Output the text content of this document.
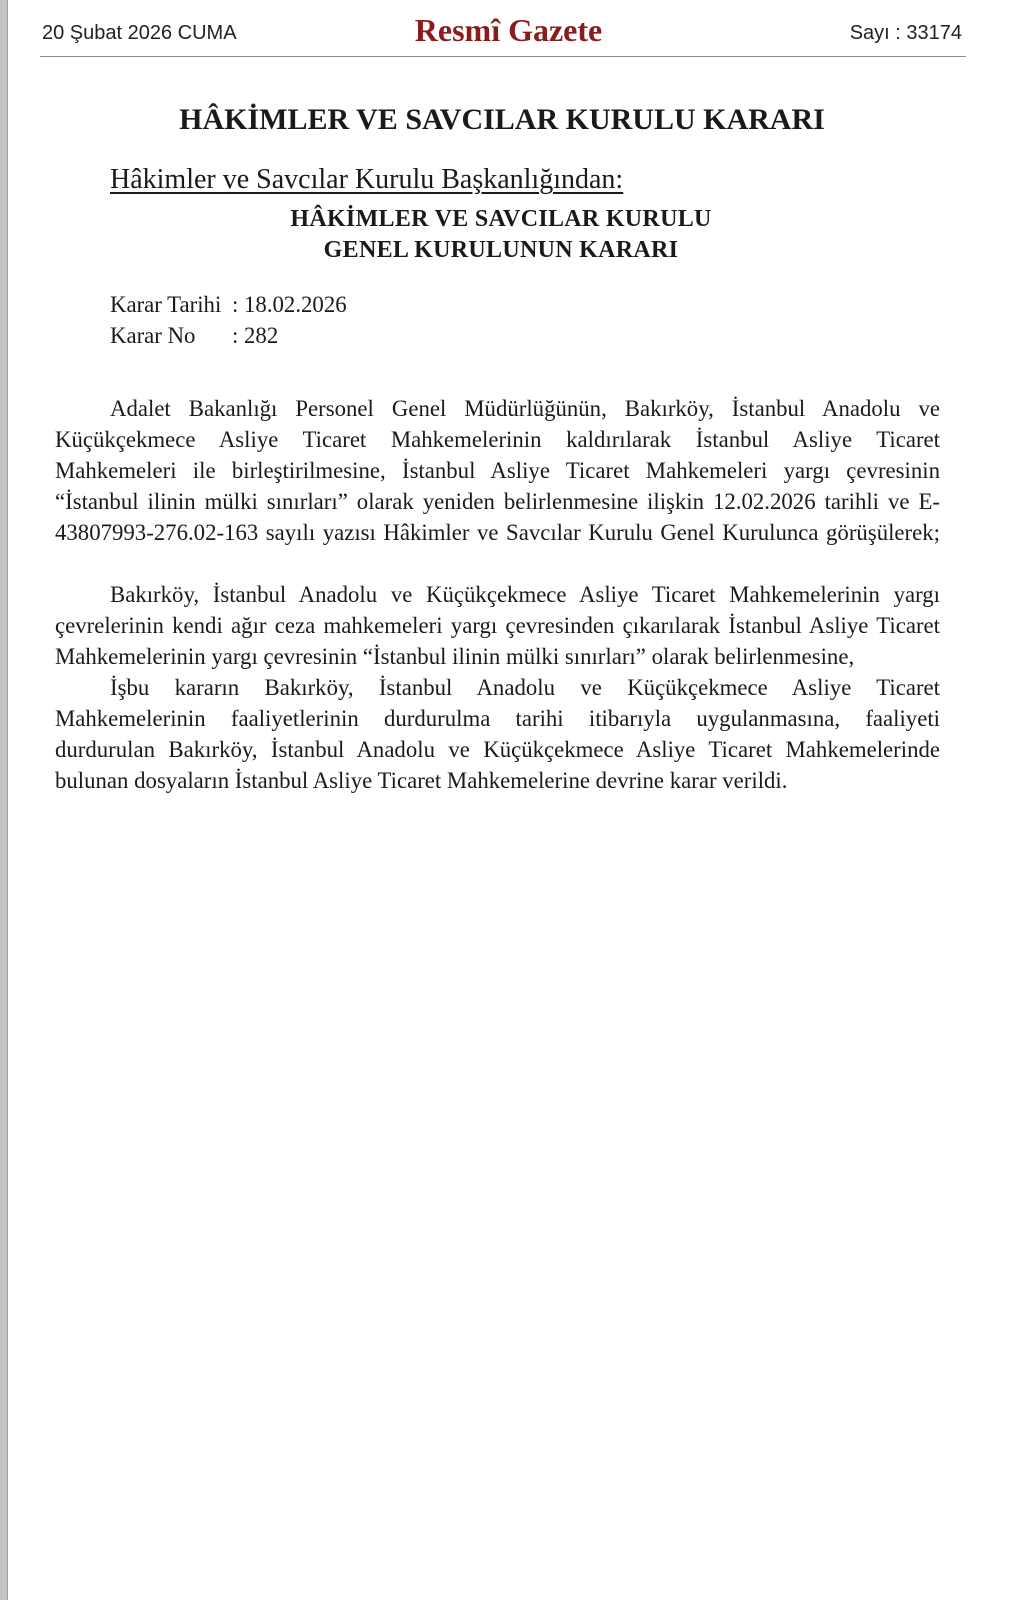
20 Şubat 2026 CUMA	Resmî Gazete	Sayı : 33174
HÂKİMLER VE SAVCILAR KURULU KARARI
Hâkimler ve Savcılar Kurulu Başkanlığından:
HÂKİMLER VE SAVCILAR KURULU
GENEL KURULUNUN KARARI
Karar Tarihi : 18.02.2026
Karar No : 282
Adalet Bakanlığı Personel Genel Müdürlüğünün, Bakırköy, İstanbul Anadolu ve
Küçükçekmece Asliye Ticaret Mahkemelerinin kaldırılarak İstanbul Asliye Ticaret
Mahkemeleri ile birleştirilmesine, İstanbul Asliye Ticaret Mahkemeleri yargı çevresinin
“İstanbul ilinin mülki sınırları” olarak yeniden belirlenmesine ilişkin 12.02.2026 tarihli ve E-
43807993-276.02-163 sayılı yazısı Hâkimler ve Savcılar Kurulu Genel Kurulunca görüşülerek;
Bakırköy, İstanbul Anadolu ve Küçükçekmece Asliye Ticaret Mahkemelerinin yargı
çevrelerinin kendi ağır ceza mahkemeleri yargı çevresinden çıkarılarak İstanbul Asliye Ticaret
Mahkemelerinin yargı çevresinin “İstanbul ilinin mülki sınırları” olarak belirlenmesine,
İşbu kararın Bakırköy, İstanbul Anadolu ve Küçükçekmece Asliye Ticaret
Mahkemelerinin faaliyetlerinin durdurulma tarihi itibarıyla uygulanmasına, faaliyeti
durdurulan Bakırköy, İstanbul Anadolu ve Küçükçekmece Asliye Ticaret Mahkemelerinde
bulunan dosyaların İstanbul Asliye Ticaret Mahkemelerine devrine karar verildi.
